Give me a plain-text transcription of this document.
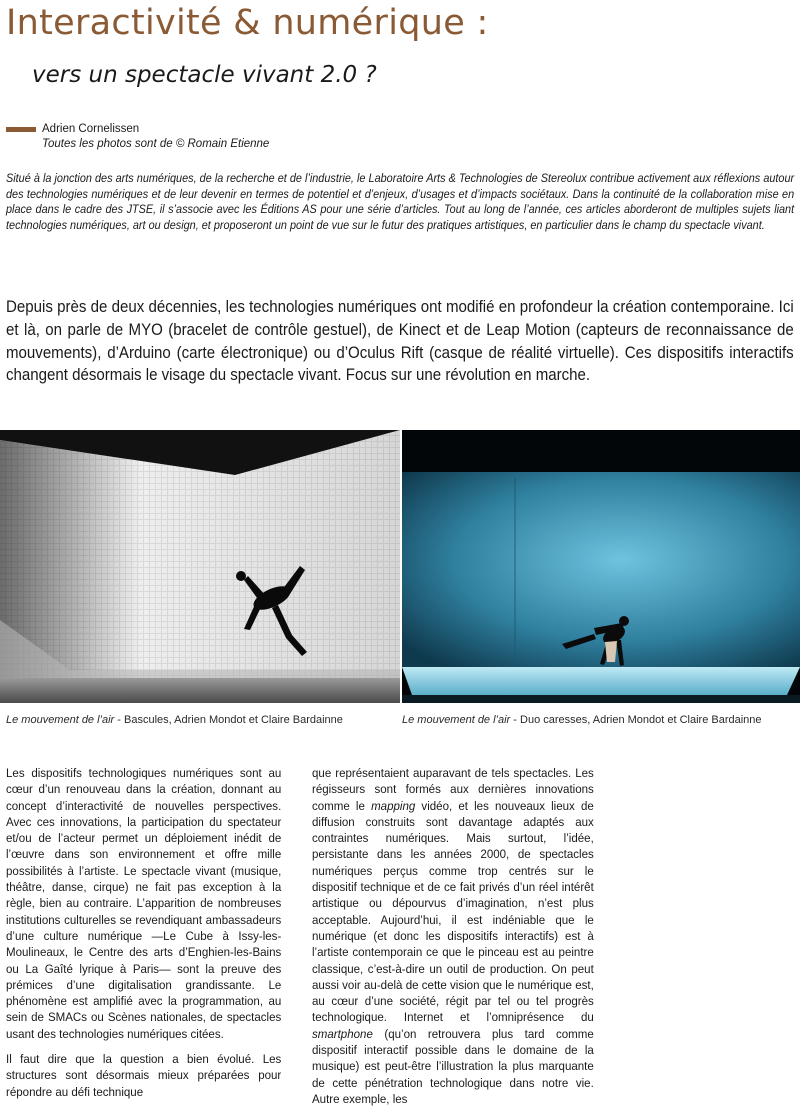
Interactivité & numérique :
vers un spectacle vivant 2.0 ?
Adrien Cornelissen
Toutes les photos sont de © Romain Etienne

Situé à la jonction des arts numériques, de la recherche et de l’industrie, le Laboratoire Arts & Technologies de Stereolux contribue activement aux réflexions autour des technologies numériques et de leur devenir en termes de potentiel et d’enjeux, d’usages et d’impacts sociétaux. Dans la continuité de la collaboration mise en place dans le cadre des JTSE, il s’associe avec les Éditions AS pour une série d’articles. Tout au long de l’année, ces articles aborderont de multiples sujets liant technologies numériques, art ou design, et proposeront un point de vue sur le futur des pratiques artistiques, en particulier dans le champ du spectacle vivant.

Depuis près de deux décennies, les technologies numériques ont modifié en profondeur la création contemporaine. Ici et là, on parle de MYO (bracelet de contrôle gestuel), de Kinect et de Leap Motion (capteurs de reconnaissance de mouvements), d’Arduino (carte électronique) ou d’Oculus Rift (casque de réalité virtuelle). Ces dispositifs interactifs changent désormais le visage du spectacle vivant. Focus sur une révolution en marche.

Le mouvement de l’air - Bascules, Adrien Mondot et Claire Bardainne	Le mouvement de l’air - Duo caresses, Adrien Mondot et Claire Bardainne

Les dispositifs technologiques numériques sont au cœur d’un renouveau dans la création, donnant au concept d’interactivité de nouvelles perspectives. Avec ces innovations, la participation du spectateur et/ou de l’acteur permet un déploiement inédit de l’œuvre dans son environnement et offre mille possibilités à l’artiste. Le spectacle vivant (musique, théâtre, danse, cirque) ne fait pas exception à la règle, bien au contraire. L’apparition de nombreuses institutions culturelles se revendiquant ambassadeurs d’une culture numérique —Le Cube à Issy-les-Moulineaux, le Centre des arts d’Enghien-les-Bains ou La Gaîté lyrique à Paris— sont la preuve des prémices d’une digitalisation grandissante. Le phénomène est amplifié avec la programmation, au sein de SMACs ou Scènes nationales, de spectacles usant des technologies numériques citées.

Il faut dire que la question a bien évolué. Les structures sont désormais mieux préparées pour répondre au défi technique

que représentaient auparavant de tels spectacles. Les régisseurs sont formés aux dernières innovations comme le mapping vidéo, et les nouveaux lieux de diffusion construits sont davantage adaptés aux contraintes numériques. Mais surtout, l’idée, persistante dans les années 2000, de spectacles numériques perçus comme trop centrés sur le dispositif technique et de ce fait privés d’un réel intérêt artistique ou dépourvus d’imagination, n’est plus acceptable. Aujourd’hui, il est indéniable que le numérique (et donc les dispositifs interactifs) est à l’artiste contemporain ce que le pinceau est au peintre classique, c’est-à-dire un outil de production. On peut aussi voir au-delà de cette vision que le numérique est, au cœur d’une société, régit par tel ou tel progrès technologique. Internet et l’omniprésence du smartphone (qu’on retrouvera plus tard comme dispositif interactif possible dans le domaine de la musique) est peut-être l’illustration la plus marquante de cette pénétration technologique dans notre vie. Autre exemple, les
